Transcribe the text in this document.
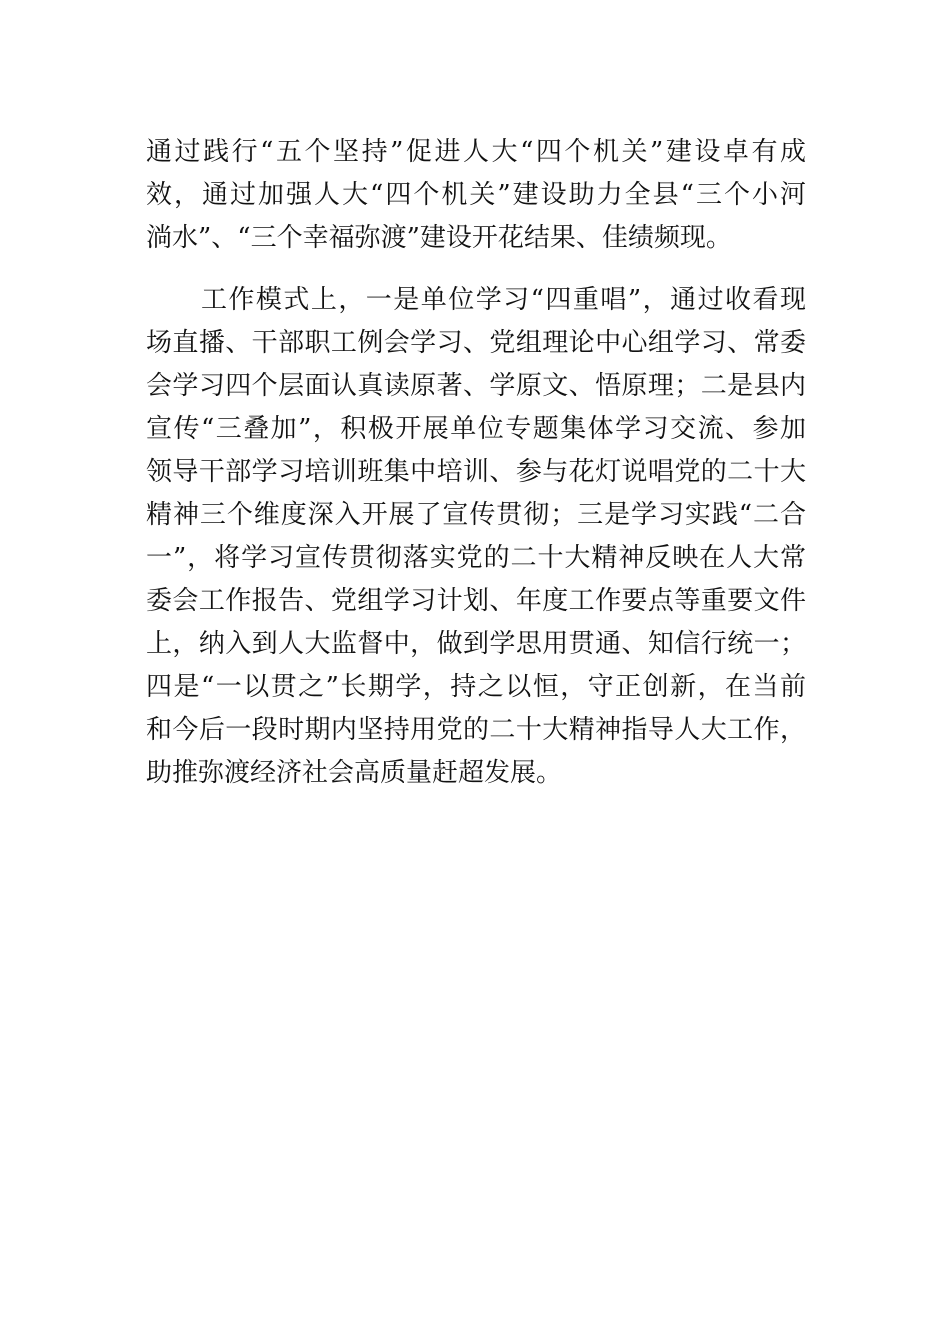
通过践行“五个坚持”促进人大“四个机关”建设卓有成
效，通过加强人大“四个机关”建设助力全县“三个小河
淌水”、“三个幸福弥渡”建设开花结果、佳绩频现。
　　工作模式上，一是单位学习“四重唱”，通过收看现
场直播、干部职工例会学习、党组理论中心组学习、常委
会学习四个层面认真读原著、学原文、悟原理；二是县内
宣传“三叠加”，积极开展单位专题集体学习交流、参加
领导干部学习培训班集中培训、参与花灯说唱党的二十大
精神三个维度深入开展了宣传贯彻；三是学习实践“二合
一”，将学习宣传贯彻落实党的二十大精神反映在人大常
委会工作报告、党组学习计划、年度工作要点等重要文件
上，纳入到人大监督中，做到学思用贯通、知信行统一；
四是“一以贯之”长期学，持之以恒，守正创新，在当前
和今后一段时期内坚持用党的二十大精神指导人大工作，
助推弥渡经济社会高质量赶超发展。
